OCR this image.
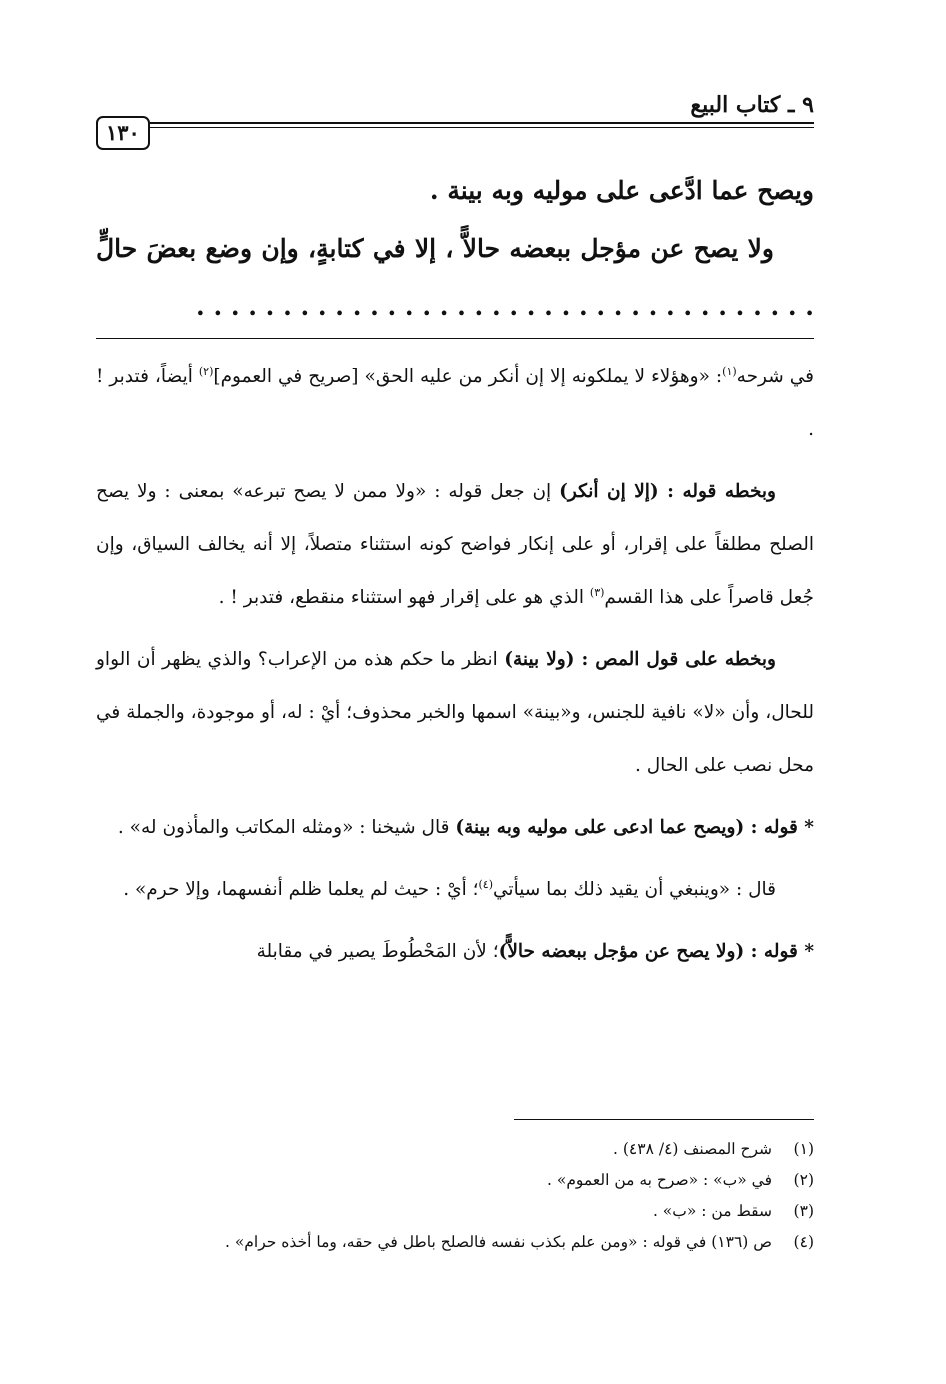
٩ ـ كتاب البيع
١٣٠

ويصح عما ادَّعى على موليه وبه بينة .

ولا يصح عن مؤجل ببعضه حالاًّ ، إلا في كتابةٍ، وإن وضع بعضَ حالٍّ . . . . . . . . . . . . . . . . . . . . . . . . . . . . . . . . . . . .

في شرحه$^{(١)}$: «وهؤلاء لا يملكونه إلا إن أنكر من عليه الحق» [صريح في العموم]$^{(٢)}$ أيضاً، فتدبر ! .

وبخطه قوله : (إلا إن أنكر) إن جعل قوله : «ولا ممن لا يصح تبرعه» بمعنى : ولا يصح الصلح مطلقاً على إقرار، أو على إنكار فواضح كونه استثناء متصلاً، إلا أنه يخالف السياق، وإن جُعل قاصراً على هذا القسم$^{(٣)}$ الذي هو على إقرار فهو استثناء منقطع، فتدبر ! .

وبخطه على قول المص : (ولا بينة) انظر ما حكم هذه من الإعراب؟ والذي يظهر أن الواو للحال، وأن «لا» نافية للجنس، و«بينة» اسمها والخبر محذوف؛ أيْ : له، أو موجودة، والجملة في محل نصب على الحال .

* قوله : (ويصح عما ادعى على موليه وبه بينة) قال شيخنا : «ومثله المكاتب والمأذون له» .

قال : «وينبغي أن يقيد ذلك بما سيأتي$^{(٤)}$؛ أيْ : حيث لم يعلما ظلم أنفسهما، وإلا حرم» .

* قوله : (ولا يصح عن مؤجل ببعضه حالاًّ)؛ لأن المَحْطُوطَ يصير في مقابلة

(١)شرح المصنف (٤/ ٤٣٨) .

(٢)في «ب» : «صرح به من العموم» .

(٣)سقط من : «ب» .

(٤)ص (١٣٦) في قوله : «ومن علم بكذب نفسه فالصلح باطل في حقه، وما أخذه حرام» .
